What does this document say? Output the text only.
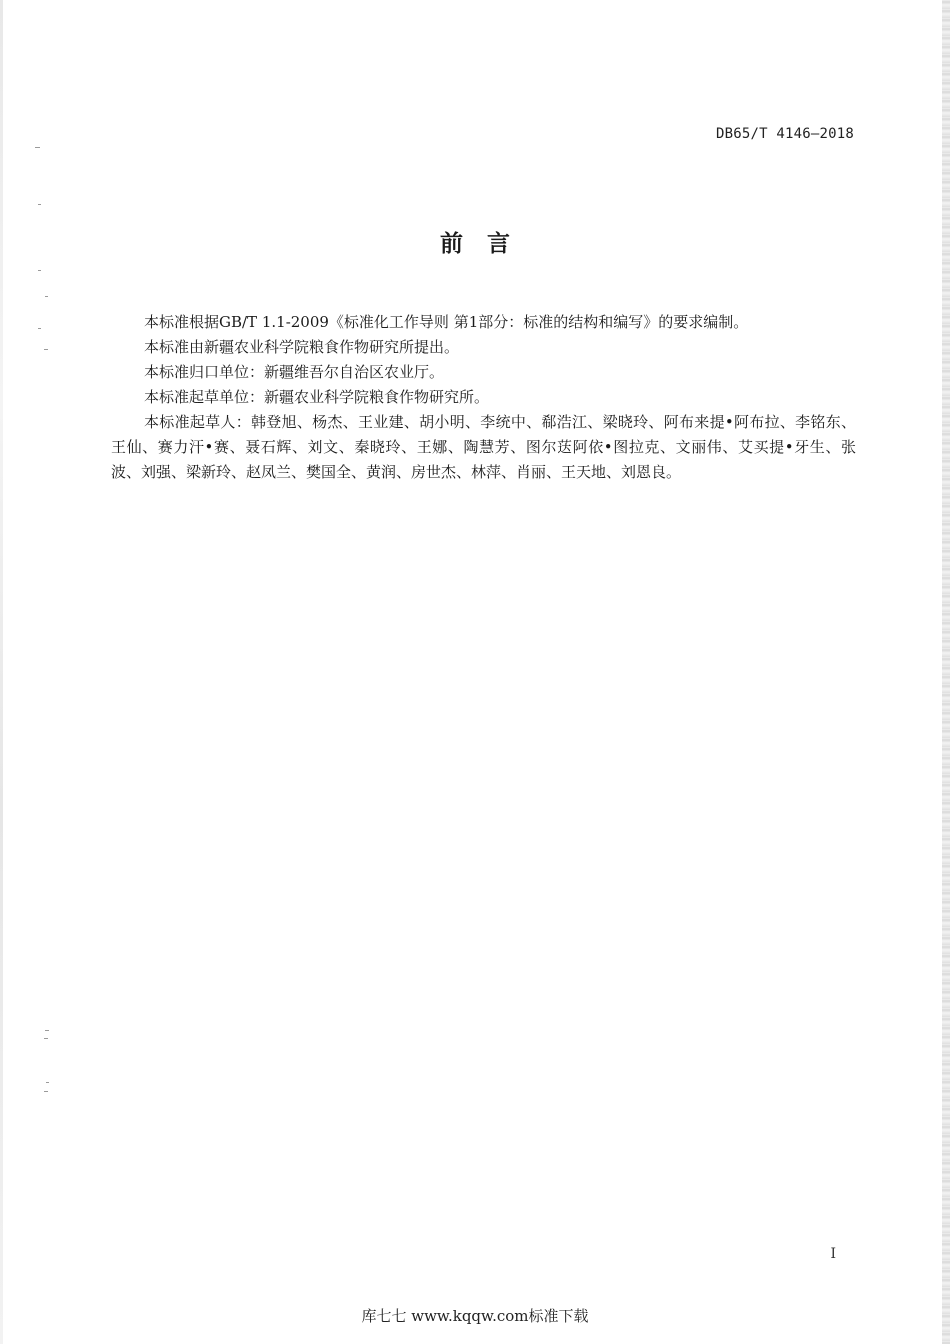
DB65/T 4146—2018
前言

本标准根据GB/T 1.1-2009《标准化工作导则 第1部分：标准的结构和编写》的要求编制。

本标准由新疆农业科学院粮食作物研究所提出。

本标准归口单位：新疆维吾尔自治区农业厅。

本标准起草单位：新疆农业科学院粮食作物研究所。

本标准起草人：韩登旭、杨杰、王业建、胡小明、李统中、郗浩江、梁晓玲、阿布来提•阿布拉、李铭东、王仙、赛力汗•赛、聂石辉、刘文、秦晓玲、王娜、陶慧芳、图尔荙阿依•图拉克、文丽伟、艾买提•牙生、张波、刘强、梁新玲、赵凤兰、樊国全、黄润、房世杰、林萍、肖丽、王天地、刘恩良。

I
库七七 www.kqqw.com标准下载
